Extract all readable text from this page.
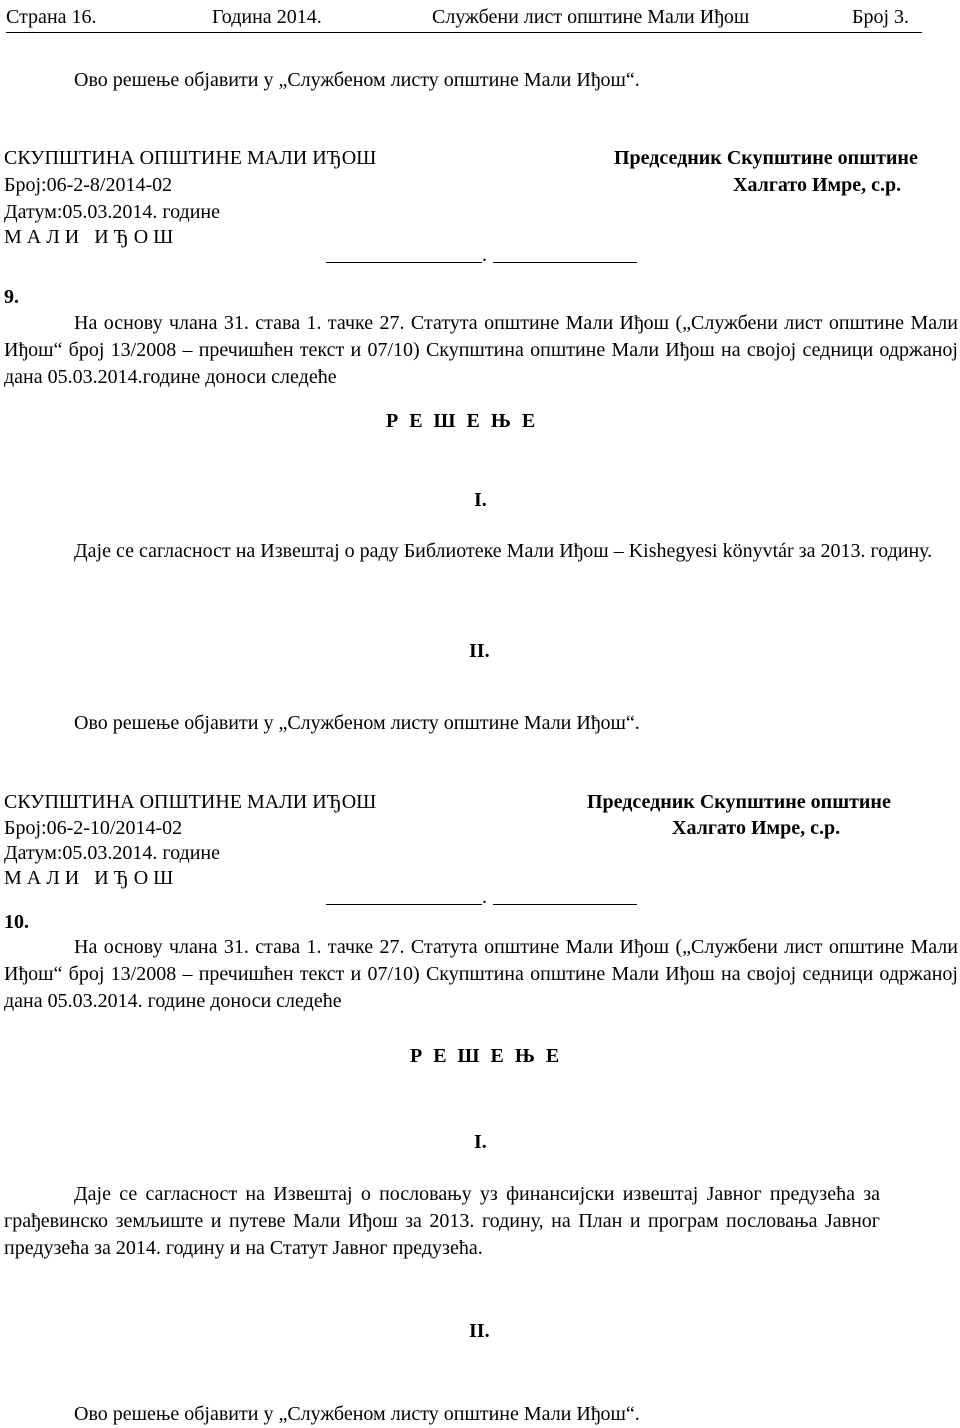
Страна 16.	Година 2014.	Службени лист општине Мали Иђош	Број 3.
Ово решење објавити у „Службеном листу општине Мали Иђош“.
СКУПШТИНА ОПШТИНЕ МАЛИ ИЂОШ
Број:06-2-8/2014-02
Датум:05.03.2014. године
М А Л И   И Ђ О Ш
Председник Скупштине општине
Халгато Имре, с.р.
.
9.
На основу члана 31. става 1. тачке 27. Статута општине Мали Иђош („Службени лист општине Мали Иђош“ број 13/2008 – пречишћен текст и 07/10) Скупштина општине Мали Иђош на својој седници одржаној дана 05.03.2014.године доноси следеће
Р Е Ш Е Њ Е
I.
Даје се сагласност на Извештај о раду Библиотеке Мали Иђош – Kishegyesi könyvtár за 2013. годину.
II.
Ово решење објавити у „Службеном листу општине Мали Иђош“.
СКУПШТИНА ОПШТИНЕ МАЛИ ИЂОШ
Број:06-2-10/2014-02
Датум:05.03.2014. године
М А Л И   И Ђ О Ш
Председник Скупштине општине
Халгато Имре, с.р.
.
10.
На основу члана 31. става 1. тачке 27. Статута општине Мали Иђош („Службени лист општине Мали Иђош“ број 13/2008 – пречишћен текст и 07/10) Скупштина општине Мали Иђош на својој седници одржаној дана 05.03.2014. године доноси следеће
Р Е Ш Е Њ Е
I.
Даје се сагласност на Извештај о пословању уз финансијски извештај Јавног предузећа за грађевинско земљиште и путеве Мали Иђош за 2013. годину, на План и програм пословања Јавног предузећа за 2014. годину и на Статут Јавног предузећа.
II.
Ово решење објавити у „Службеном листу општине Мали Иђош“.
